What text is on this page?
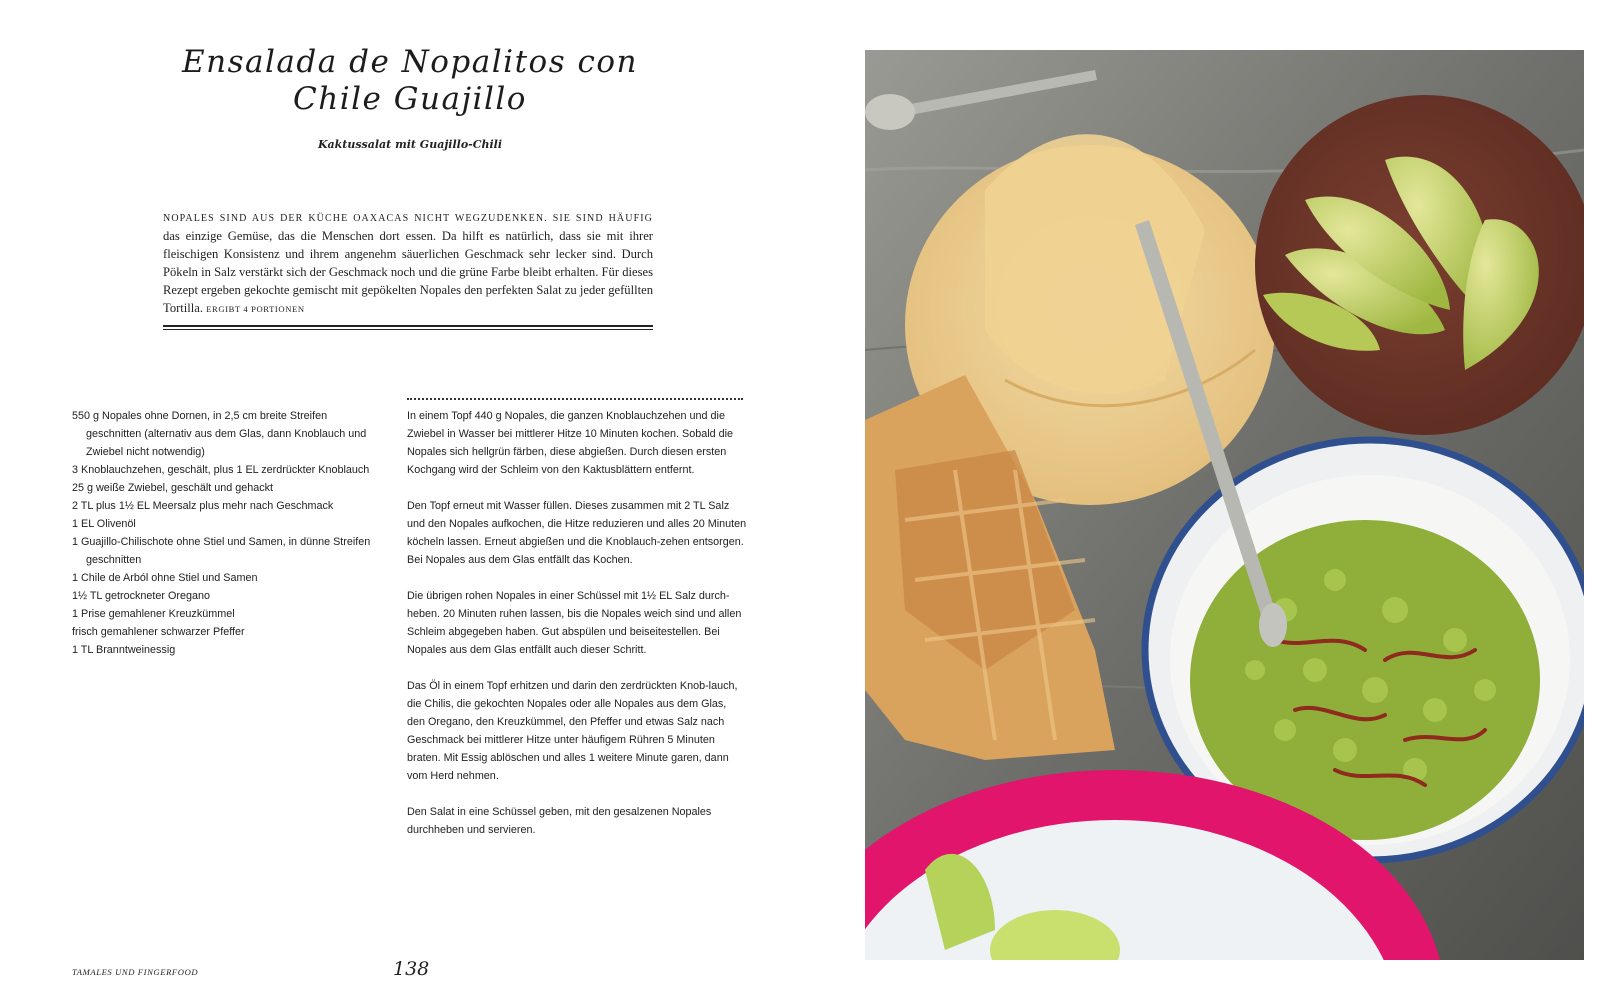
Ensalada de Nopalitos con
Chile Guajillo
Kaktussalat mit Guajillo-Chili

NOPALES SIND AUS DER KÜCHE OAXACAS NICHT WEGZUDENKEN. SIE SIND HÄUFIG das einzige Gemüse, das die Menschen dort essen. Da hilft es natürlich, dass sie mit ihrer fleischigen Konsistenz und ihrem angenehm säuerlichen Geschmack sehr lecker sind. Durch Pökeln in Salz verstärkt sich der Geschmack noch und die grüne Farbe bleibt erhalten. Für dieses Rezept ergeben gekochte gemischt mit gepökelten Nopales den perfekten Salat zu jeder gefüllten Tortilla. ERGIBT 4 PORTIONEN

550 g Nopales ohne Dornen, in 2,5 cm breite Streifen geschnitten (alternativ aus dem Glas, dann Knoblauch und Zwiebel nicht notwendig)
3 Knoblauchzehen, geschält, plus 1 EL zerdrückter Knoblauch
25 g weiße Zwiebel, geschält und gehackt
2 TL plus 1½ EL Meersalz plus mehr nach Geschmack
1 EL Olivenöl
1 Guajillo-Chilischote ohne Stiel und Samen, in dünne Streifen geschnitten
1 Chile de Arból ohne Stiel und Samen
1½ TL getrockneter Oregano
1 Prise gemahlener Kreuzkümmel
frisch gemahlener schwarzer Pfeffer
1 TL Branntweinessig

In einem Topf 440 g Nopales, die ganzen Knoblauchzehen und die Zwiebel in Wasser bei mittlerer Hitze 10 Minuten kochen. Sobald die Nopales sich hellgrün färben, diese abgießen. Durch diesen ersten Kochgang wird der Schleim von den Kaktusblättern entfernt.

Den Topf erneut mit Wasser füllen. Dieses zusammen mit 2 TL Salz und den Nopales aufkochen, die Hitze reduzieren und alles 20 Minuten köcheln lassen. Erneut abgießen und die Knoblauch-zehen entsorgen. Bei Nopales aus dem Glas entfällt das Kochen.

Die übrigen rohen Nopales in einer Schüssel mit 1½ EL Salz durch-heben. 20 Minuten ruhen lassen, bis die Nopales weich sind und allen Schleim abgegeben haben. Gut abspülen und beiseitestellen. Bei Nopales aus dem Glas entfällt auch dieser Schritt.

Das Öl in einem Topf erhitzen und darin den zerdrückten Knob-lauch, die Chilis, die gekochten Nopales oder alle Nopales aus dem Glas, den Oregano, den Kreuzkümmel, den Pfeffer und etwas Salz nach Geschmack bei mittlerer Hitze unter häufigem Rühren 5 Minuten braten. Mit Essig ablöschen und alles 1 weitere Minute garen, dann vom Herd nehmen.

Den Salat in eine Schüssel geben, mit den gesalzenen Nopales durchheben und servieren.

TAMALES UND FINGERFOOD	138
